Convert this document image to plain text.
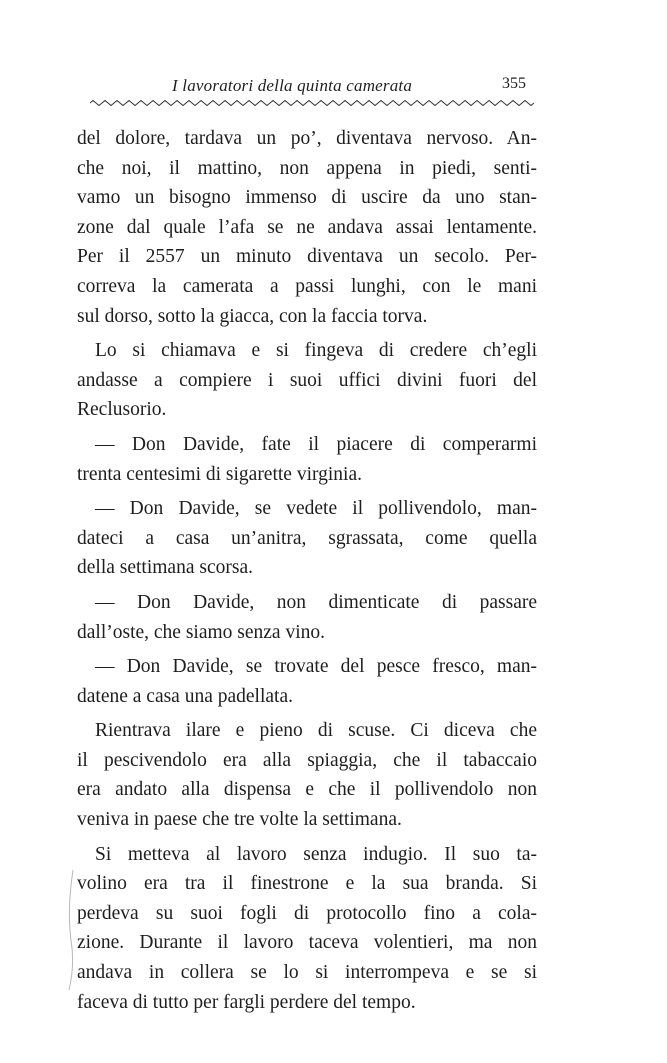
I lavoratori della quinta camerata	355
del dolore, tardava un po’, diventava nervoso. An-
che noi, il mattino, non appena in piedi, senti-
vamo un bisogno immenso di uscire da uno stan-
zone dal quale l’afa se ne andava assai lentamente.
Per il 2557 un minuto diventava un secolo. Per-
correva la camerata a passi lunghi, con le mani
sul dorso, sotto la giacca, con la faccia torva.
Lo si chiamava e si fingeva di credere ch’egli
andasse a compiere i suoi uffici divini fuori del
Reclusorio.
— Don Davide, fate il piacere di comperarmi
trenta centesimi di sigarette virginia.
— Don Davide, se vedete il pollivendolo, man-
dateci a casa un’anitra, sgrassata, come quella
della settimana scorsa.
— Don Davide, non dimenticate di passare
dall’oste, che siamo senza vino.
— Don Davide, se trovate del pesce fresco, man-
datene a casa una padellata.
Rientrava ilare e pieno di scuse. Ci diceva che
il pescivendolo era alla spiaggia, che il tabaccaio
era andato alla dispensa e che il pollivendolo non
veniva in paese che tre volte la settimana.
Si metteva al lavoro senza indugio. Il suo ta-
volino era tra il finestrone e la sua branda. Si
perdeva su suoi fogli di protocollo fino a cola-
zione. Durante il lavoro taceva volentieri, ma non
andava in collera se lo si interrompeva e se si
faceva di tutto per fargli perdere del tempo.
